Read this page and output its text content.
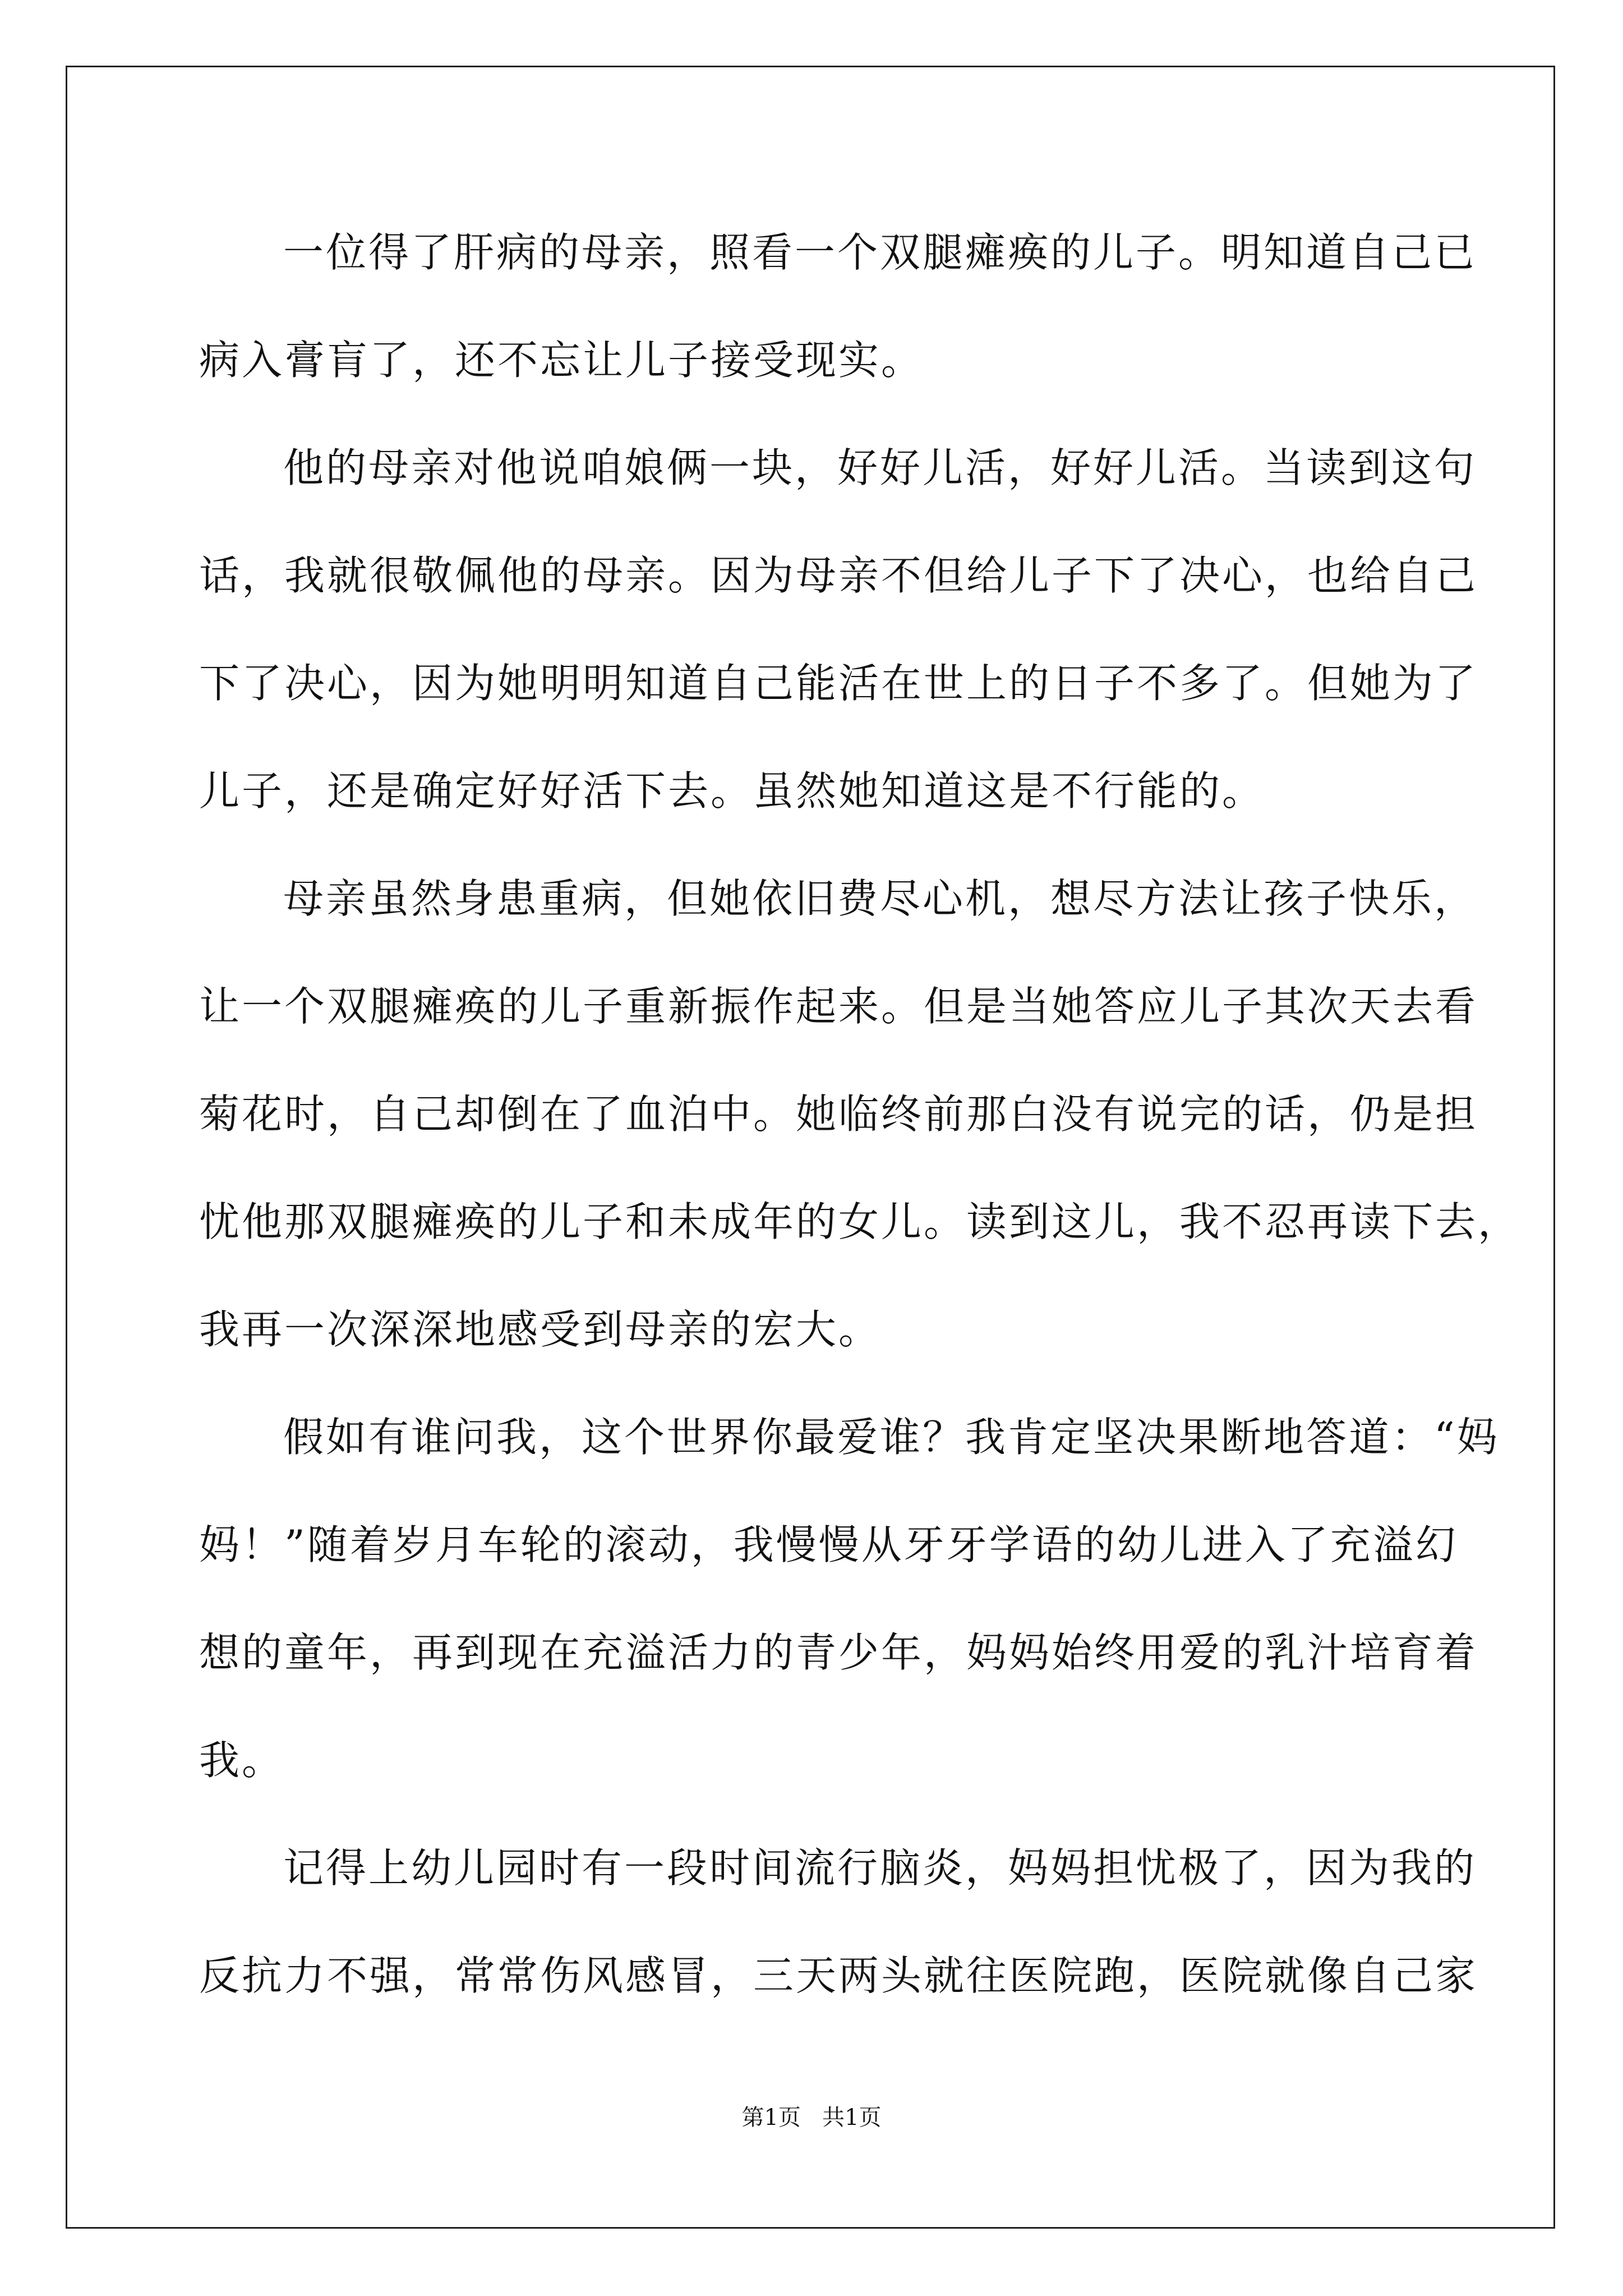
一位得了肝病的母亲，照看一个双腿瘫痪的儿子。明知道自己已
病入膏肓了，还不忘让儿子接受现实。
他的母亲对他说咱娘俩一块，好好儿活，好好儿活。当读到这句
话，我就很敬佩他的母亲。因为母亲不但给儿子下了决心，也给自己
下了决心，因为她明明知道自己能活在世上的日子不多了。但她为了
儿子，还是确定好好活下去。虽然她知道这是不行能的。
母亲虽然身患重病，但她依旧费尽心机，想尽方法让孩子快乐，
让一个双腿瘫痪的儿子重新振作起来。但是当她答应儿子其次天去看
菊花时，自己却倒在了血泊中。她临终前那白没有说完的话，仍是担
忧他那双腿瘫痪的儿子和未成年的女儿。读到这儿，我不忍再读下去，
我再一次深深地感受到母亲的宏大。
假如有谁问我，这个世界你最爱谁？我肯定坚决果断地答道：“妈
妈！”随着岁月车轮的滚动，我慢慢从牙牙学语的幼儿进入了充溢幻
想的童年，再到现在充溢活力的青少年，妈妈始终用爱的乳汁培育着
我。
记得上幼儿园时有一段时间流行脑炎，妈妈担忧极了，因为我的
反抗力不强，常常伤风感冒，三天两头就往医院跑，医院就像自己家
第1页   共1页
